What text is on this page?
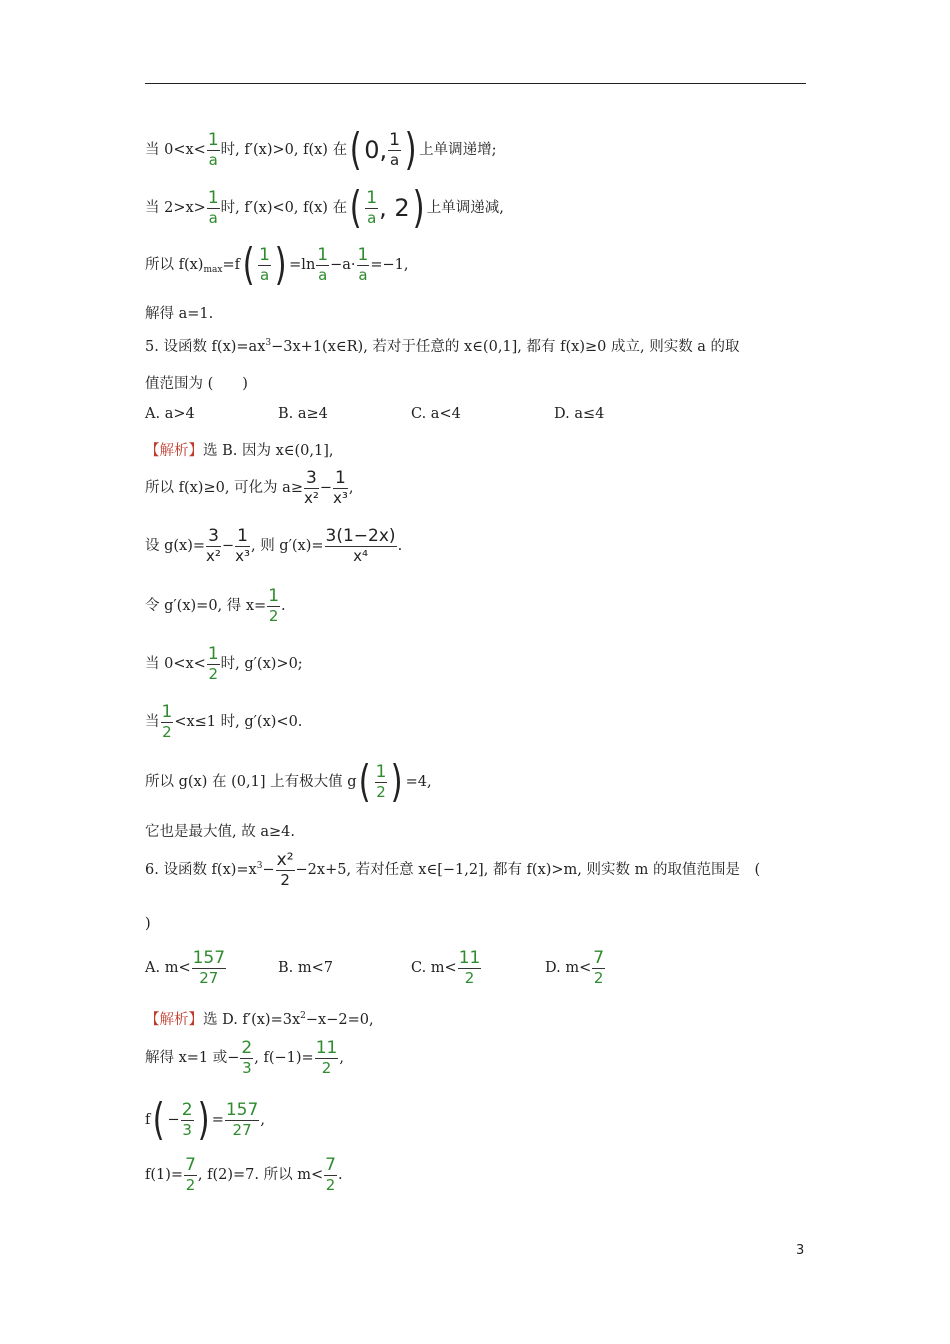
当 $0<x< \frac{1}{a}$ 时, f′(x)>0, f(x) 在( 0, $\frac{1}{a}$ ) 上单调递增;
当 $2>x> \frac{1}{a}$ 时, f′(x)<0, f(x) 在( $\frac{1}{a}$ , 2) 上单调递减,
所以 $f(x)_{max}=f( \frac{1}{a}$ ) $=\ln \frac{1}{a} -a\cdot \frac{1}{a} =-1$,
解得 a=1.
5. 设函数 $f(x)=ax^3-3x+1(x\in R)$, 若对于任意的 x∈(0,1], 都有 f(x)≥0 成立, 则实数 a 的取
值范围为 (　　)
A. a>4	B. a≥4	C. a<4	D. a≤4
【解析】选 B. 因为 x∈(0,1],
所以 f(x)≥0, 可化为 $a\ge \frac{3}{\text{x²}} - \frac{1}{\text{x³}}$ ,
设 $g(x)= \frac{3}{\text{x²}} - \frac{1}{\text{x³}}$ , 则 $g'(x)= \frac{3(1-2x)}{\text{x⁴}}$ .
令 g′(x)=0, 得 $x= \frac{1}{2}$ .
当 $0<x< \frac{1}{2}$ 时, g′(x)>0;
当 $\frac{1}{2} <x\le 1$ 时, g′(x)<0.
所以 g(x) 在 (0,1] 上有极大值 $g( \frac{1}{2}$ ) =4,
它也是最大值, 故 a≥4.
6. 设函数 $f(x)=x^3- \frac{\text{x²}}{2} -2x+5$, 若对任意 x∈[−1,2], 都有 f(x)>m, 则实数 m 的取值范围是　(
)
A. $m< \frac{157}{27}$	B. m<7	C. $m< \frac{11}{2}$	D. $m< \frac{7}{2}$
【解析】选 D. $f'(x)=3x^2-x-2=0$,
解得 x=1 或− $\frac{2}{3}$ , $f(-1)= \frac{11}{2}$ ,
$f( - \frac{2}{3}$ ) = $\frac{157}{27}$ ,
$f(1)= \frac{7}{2}$ , f(2)=7. 所以 $m< \frac{7}{2}$ .
3
